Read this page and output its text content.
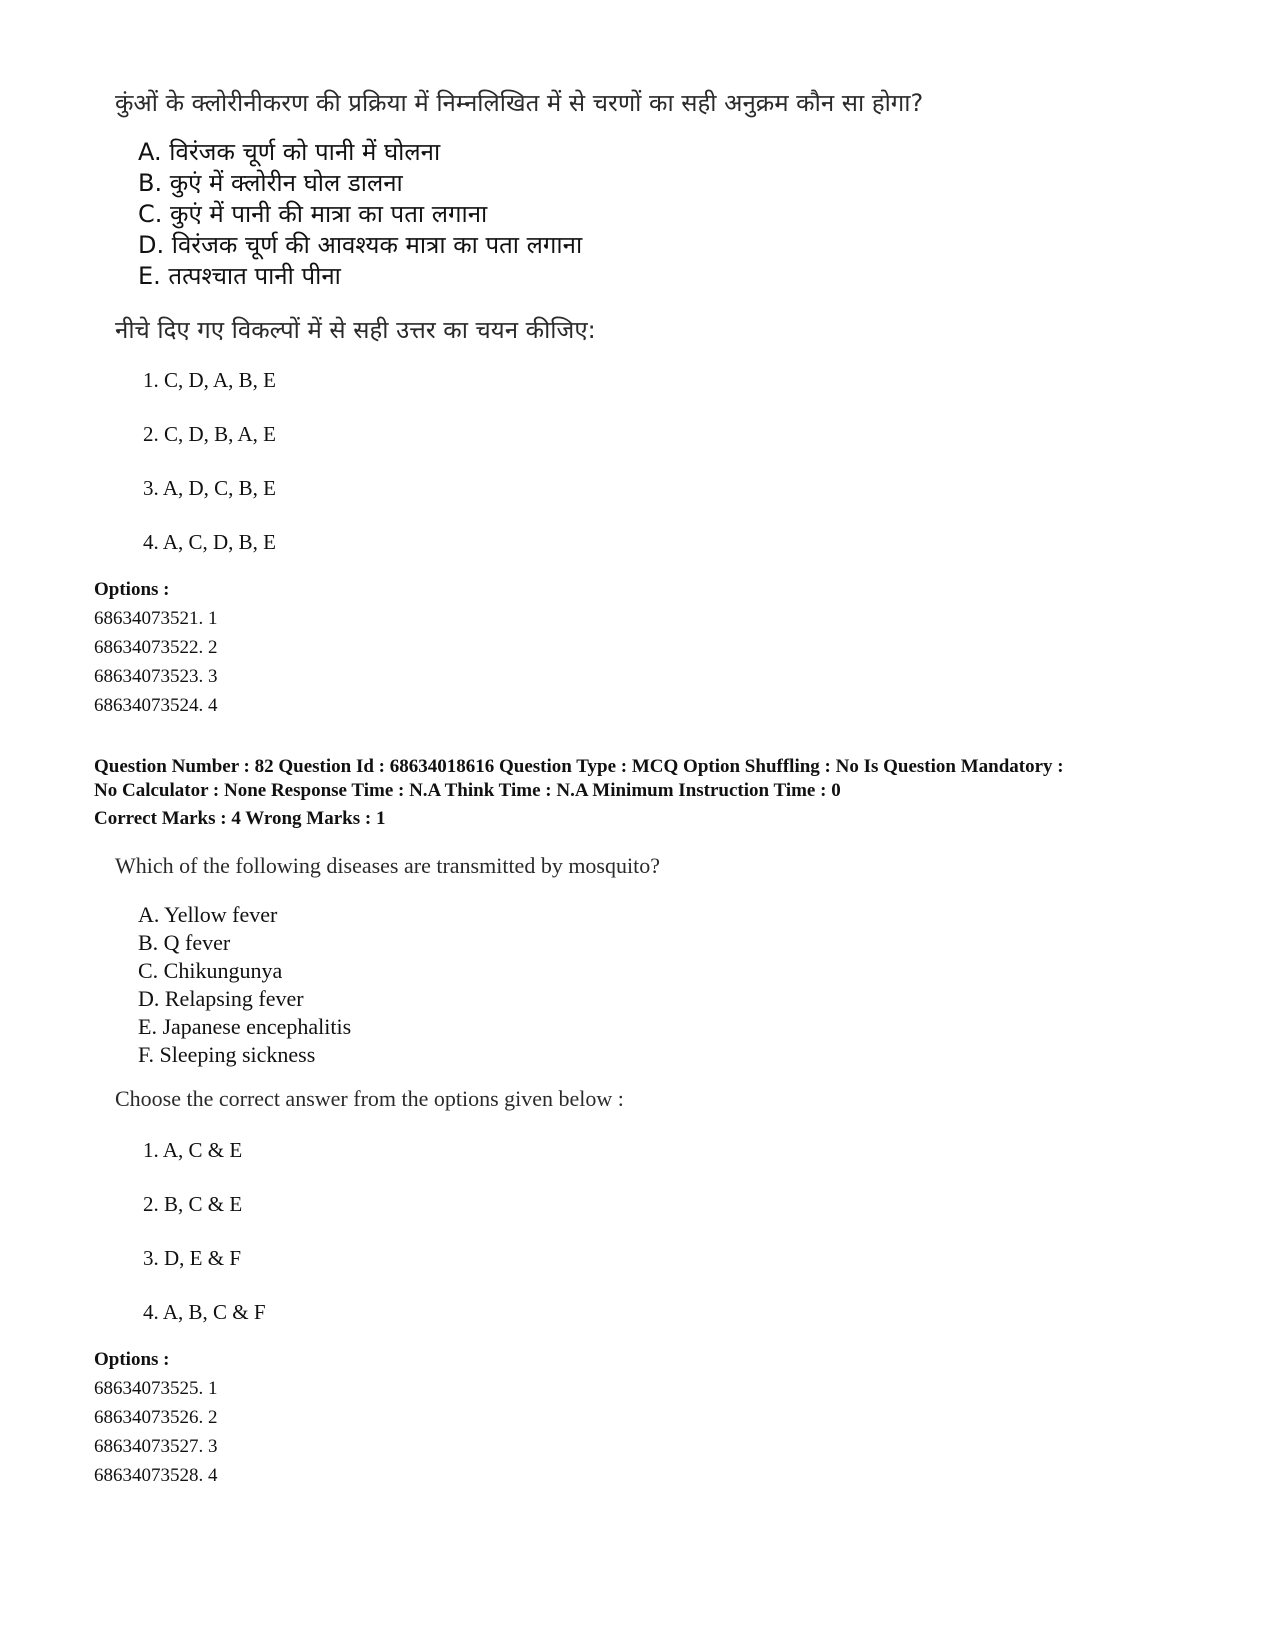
कुंओं के क्लोरीनीकरण की प्रक्रिया में निम्नलिखित में से चरणों का सही अनुक्रम कौन सा होगा?
A. विरंजक चूर्ण को पानी में घोलना
B. कुएं में क्लोरीन घोल डालना
C. कुएं में पानी की मात्रा का पता लगाना
D. विरंजक चूर्ण की आवश्यक मात्रा का पता लगाना
E. तत्पश्चात पानी पीना
नीचे दिए गए विकल्पों में से सही उत्तर का चयन कीजिए:
1. C, D, A, B, E
2. C, D, B, A, E
3. A, D, C, B, E
4. A, C, D, B, E
Options :
68634073521. 1
68634073522. 2
68634073523. 3
68634073524. 4
Question Number : 82 Question Id : 68634018616 Question Type : MCQ Option Shuffling : No Is Question Mandatory :
No Calculator : None Response Time : N.A Think Time : N.A Minimum Instruction Time : 0
Correct Marks : 4 Wrong Marks : 1
Which of the following diseases are transmitted by mosquito?
A. Yellow fever
B. Q fever
C. Chikungunya
D. Relapsing fever
E. Japanese encephalitis
F. Sleeping sickness
Choose the correct answer from the options given below :
1. A, C & E
2. B, C & E
3. D, E & F
4. A, B, C & F
Options :
68634073525. 1
68634073526. 2
68634073527. 3
68634073528. 4
